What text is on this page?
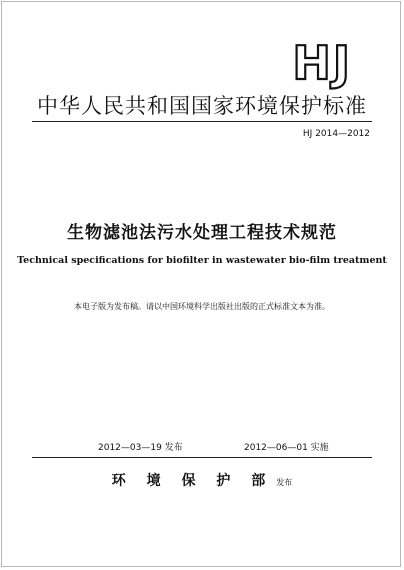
HJ
中华人民共和国国家环境保护标准
HJ 2014—2012
生物滤池法污水处理工程技术规范
Technical specifications for biofilter in wastewater bio-film treatment
本电子版为发布稿。请以中国环境科学出版社出版的正式标准文本为准。
2012—03—19 发布	2012—06—01 实施
环 境 保 护 部 发布
